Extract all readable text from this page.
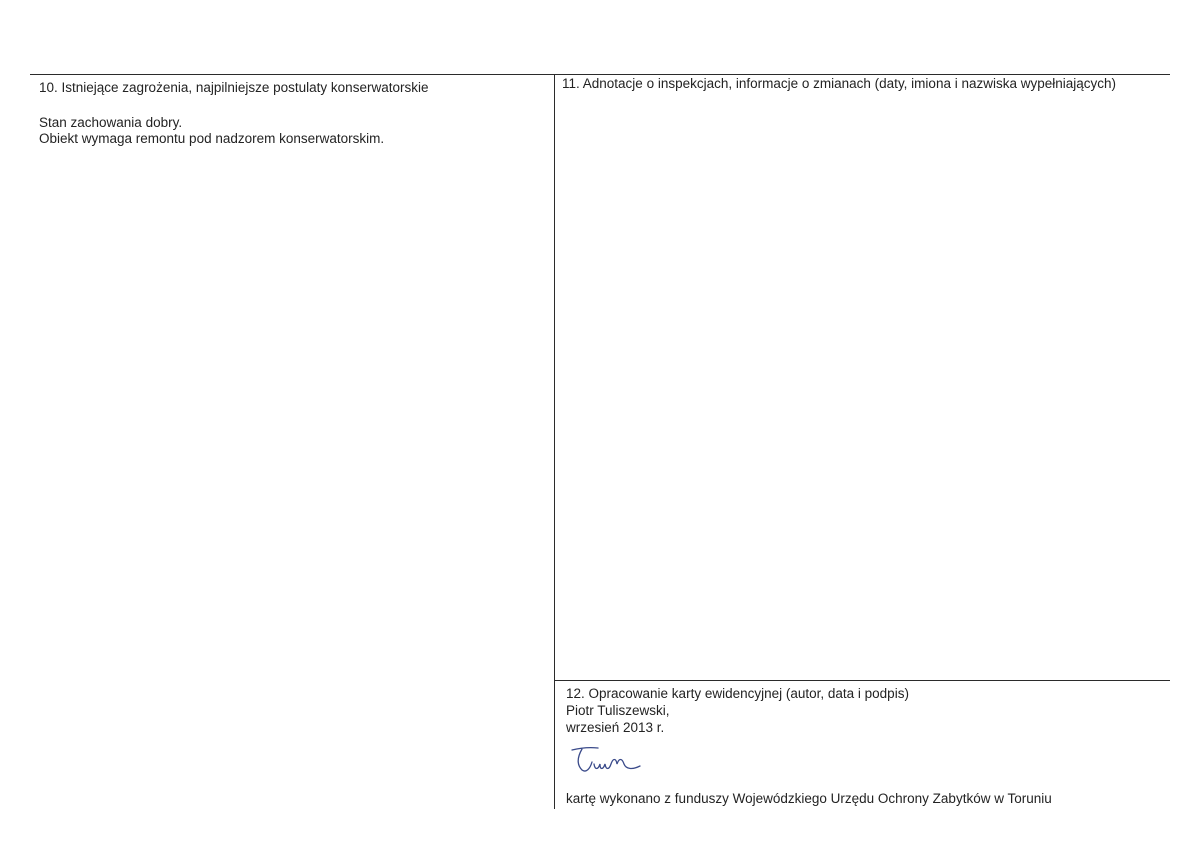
10. Istniejące zagrożenia, najpilniejsze postulaty konserwatorskie
Stan zachowania dobry.
Obiekt wymaga remontu pod nadzorem konserwatorskim.
11. Adnotacje o inspekcjach, informacje o zmianach (daty, imiona i nazwiska wypełniających)
12. Opracowanie karty ewidencyjnej (autor, data i podpis)
Piotr Tuliszewski,
wrzesień 2013 r.
kartę wykonano z funduszy Wojewódzkiego Urzędu Ochrony Zabytków w Toruniu
